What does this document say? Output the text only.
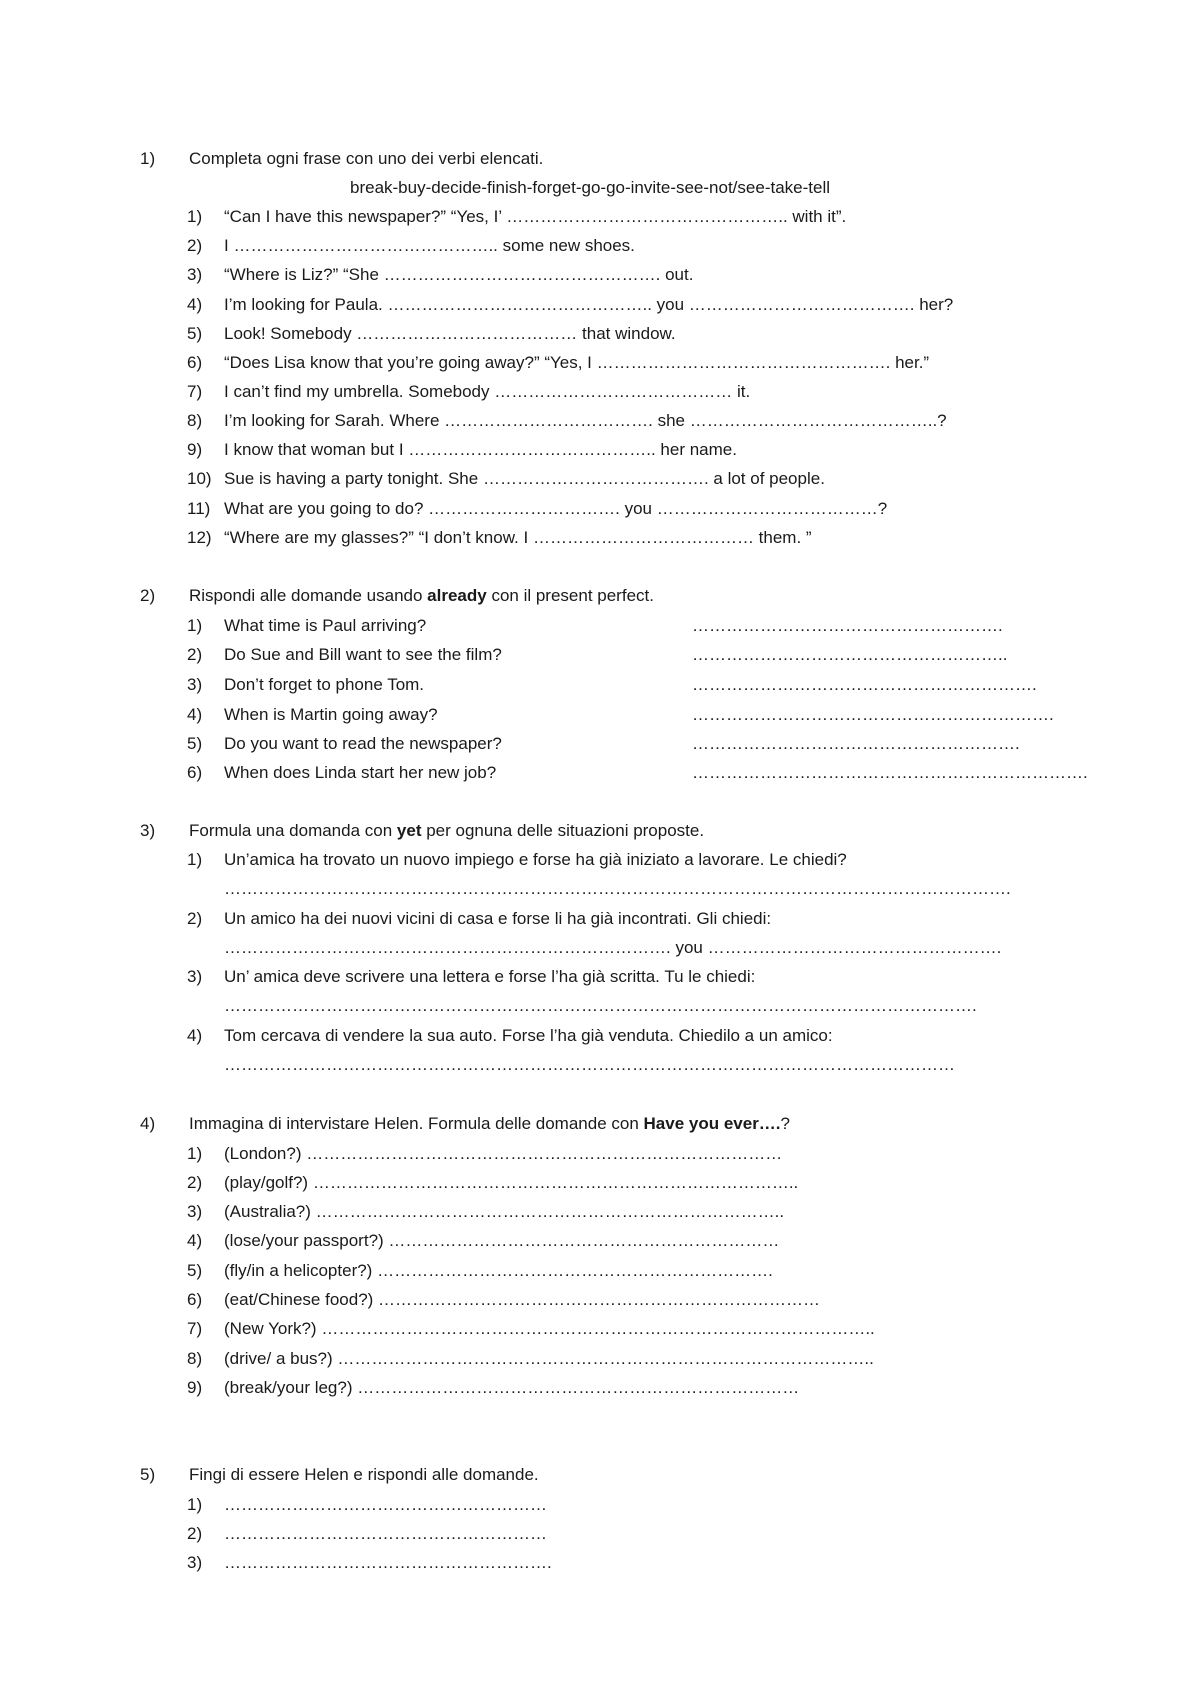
1)	Completa ogni frase con uno dei verbi elencati.
break-buy-decide-finish-forget-go-go-invite-see-not/see-take-tell
1)	“Can I have this newspaper?” “Yes, I’ ………………………………………….. with it”.
2)	I ……………………………………….. some new shoes.
3)	“Where is Liz?” “She …………………………………………. out.
4)	I’m looking for Paula. ……………………………………….. you …………………………………. her?
5)	Look! Somebody ………………………………… that window.
6)	“Does Lisa know that you’re going away?” “Yes, I ……………………………………………. her.”
7)	I can’t find my umbrella. Somebody …………………………………… it.
8)	I’m looking for Sarah. Where ………………………………. she ……………………………………..?
9)	I know that woman but I …………………………………….. her name.
10) Sue is having a party tonight. She …………………………………. a lot of people.
11) What are you going to do? ……………………………. you …………………………………?
12) “Where are my glasses?” “I don’t know. I ………………………………… them. ”
2)	Rispondi alle domande usando already con il present perfect.
1)	What time is Paul arriving?	……………………………………………….
2)	Do Sue and Bill want to see the film?	………………………………………………..
3)	Don’t forget to phone Tom.	…………………………………………………….
4)	When is Martin going away?	……………………………………………………….
5)	Do you want to read the newspaper?	………………………………………………….
6)	When does Linda start her new job?	…………………………………………………………….
3)	Formula una domanda con yet per ognuna delle situazioni proposte.
1)	Un’amica ha trovato un nuovo impiego e forse ha già iniziato a lavorare. Le chiedi?
………………………………………………………………………………………………………………………….
2)	Un amico ha dei nuovi vicini di casa e forse li ha già incontrati. Gli chiedi:
……………………………………………………………………. you …………………………………………….
3)	Un’ amica deve scrivere una lettera e forse l’ha già scritta. Tu le chiedi:
…………………………………………………………………………………………………………………….
4)	Tom cercava di vendere la sua auto. Forse l’ha già venduta. Chiedilo a un amico:
…………………………………………………………………………………………………………………
4)	Immagina di intervistare Helen. Formula delle domande con Have you ever….?
1)	(London?) …………………………………………………………………………
2)	(play/golf?) …………………………………………………………………………..
3)	(Australia?) ………………………………………………………………………..
4)	(lose/your passport?) ……………………………………………………………
5)	(fly/in a helicopter?) …………………………………………………………….
6)	(eat/Chinese food?) ……………………………………………………………………
7)	(New York?) ……………………………………………………………………………………..
8)	(drive/ a bus?) …………………………………………………………………………………..
9)	(break/your leg?) ……………………………………………………………………
5)	Fingi di essere Helen e rispondi alle domande.
1)	…………………………………………………
2)	…………………………………………………
3)	………………………………………………….
